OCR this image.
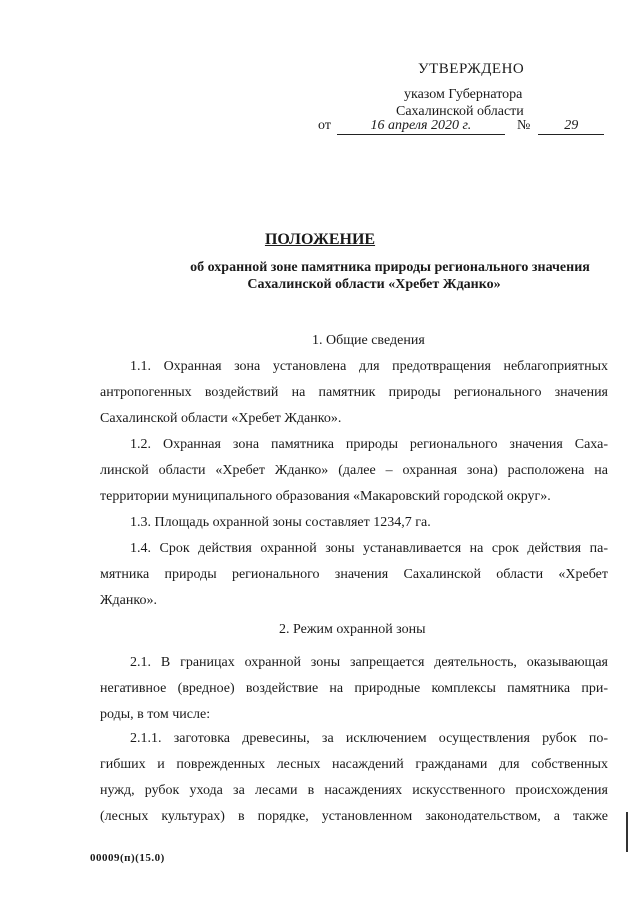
УТВЕРЖДЕНО
указом Губернатора
Сахалинской области
от	16 апреля 2020 г.	№ 29
ПОЛОЖЕНИЕ
об охранной зоне памятника природы регионального значения
Сахалинской области «Хребет Жданко»
1. Общие сведения
1.1. Охранная зона установлена для предотвращения неблагоприятных
антропогенных воздействий на памятник природы регионального значения
Сахалинской области «Хребет Жданко».
1.2. Охранная зона памятника природы регионального значения Саха-
линской области «Хребет Жданко» (далее – охранная зона) расположена на
территории муниципального образования «Макаровский городской округ».
1.3. Площадь охранной зоны составляет 1234,7 га.
1.4. Срок действия охранной зоны устанавливается на срок действия па-
мятника природы регионального значения Сахалинской области «Хребет
Жданко».
2. Режим охранной зоны
2.1. В границах охранной зоны запрещается деятельность, оказывающая
негативное (вредное) воздействие на природные комплексы памятника при-
роды, в том числе:
2.1.1. заготовка древесины, за исключением осуществления рубок по-
гибших и поврежденных лесных насаждений гражданами для собственных
нужд, рубок ухода за лесами в насаждениях искусственного происхождения
(лесных культурах) в порядке, установленном законодательством, а также
00009(п)(15.0)
